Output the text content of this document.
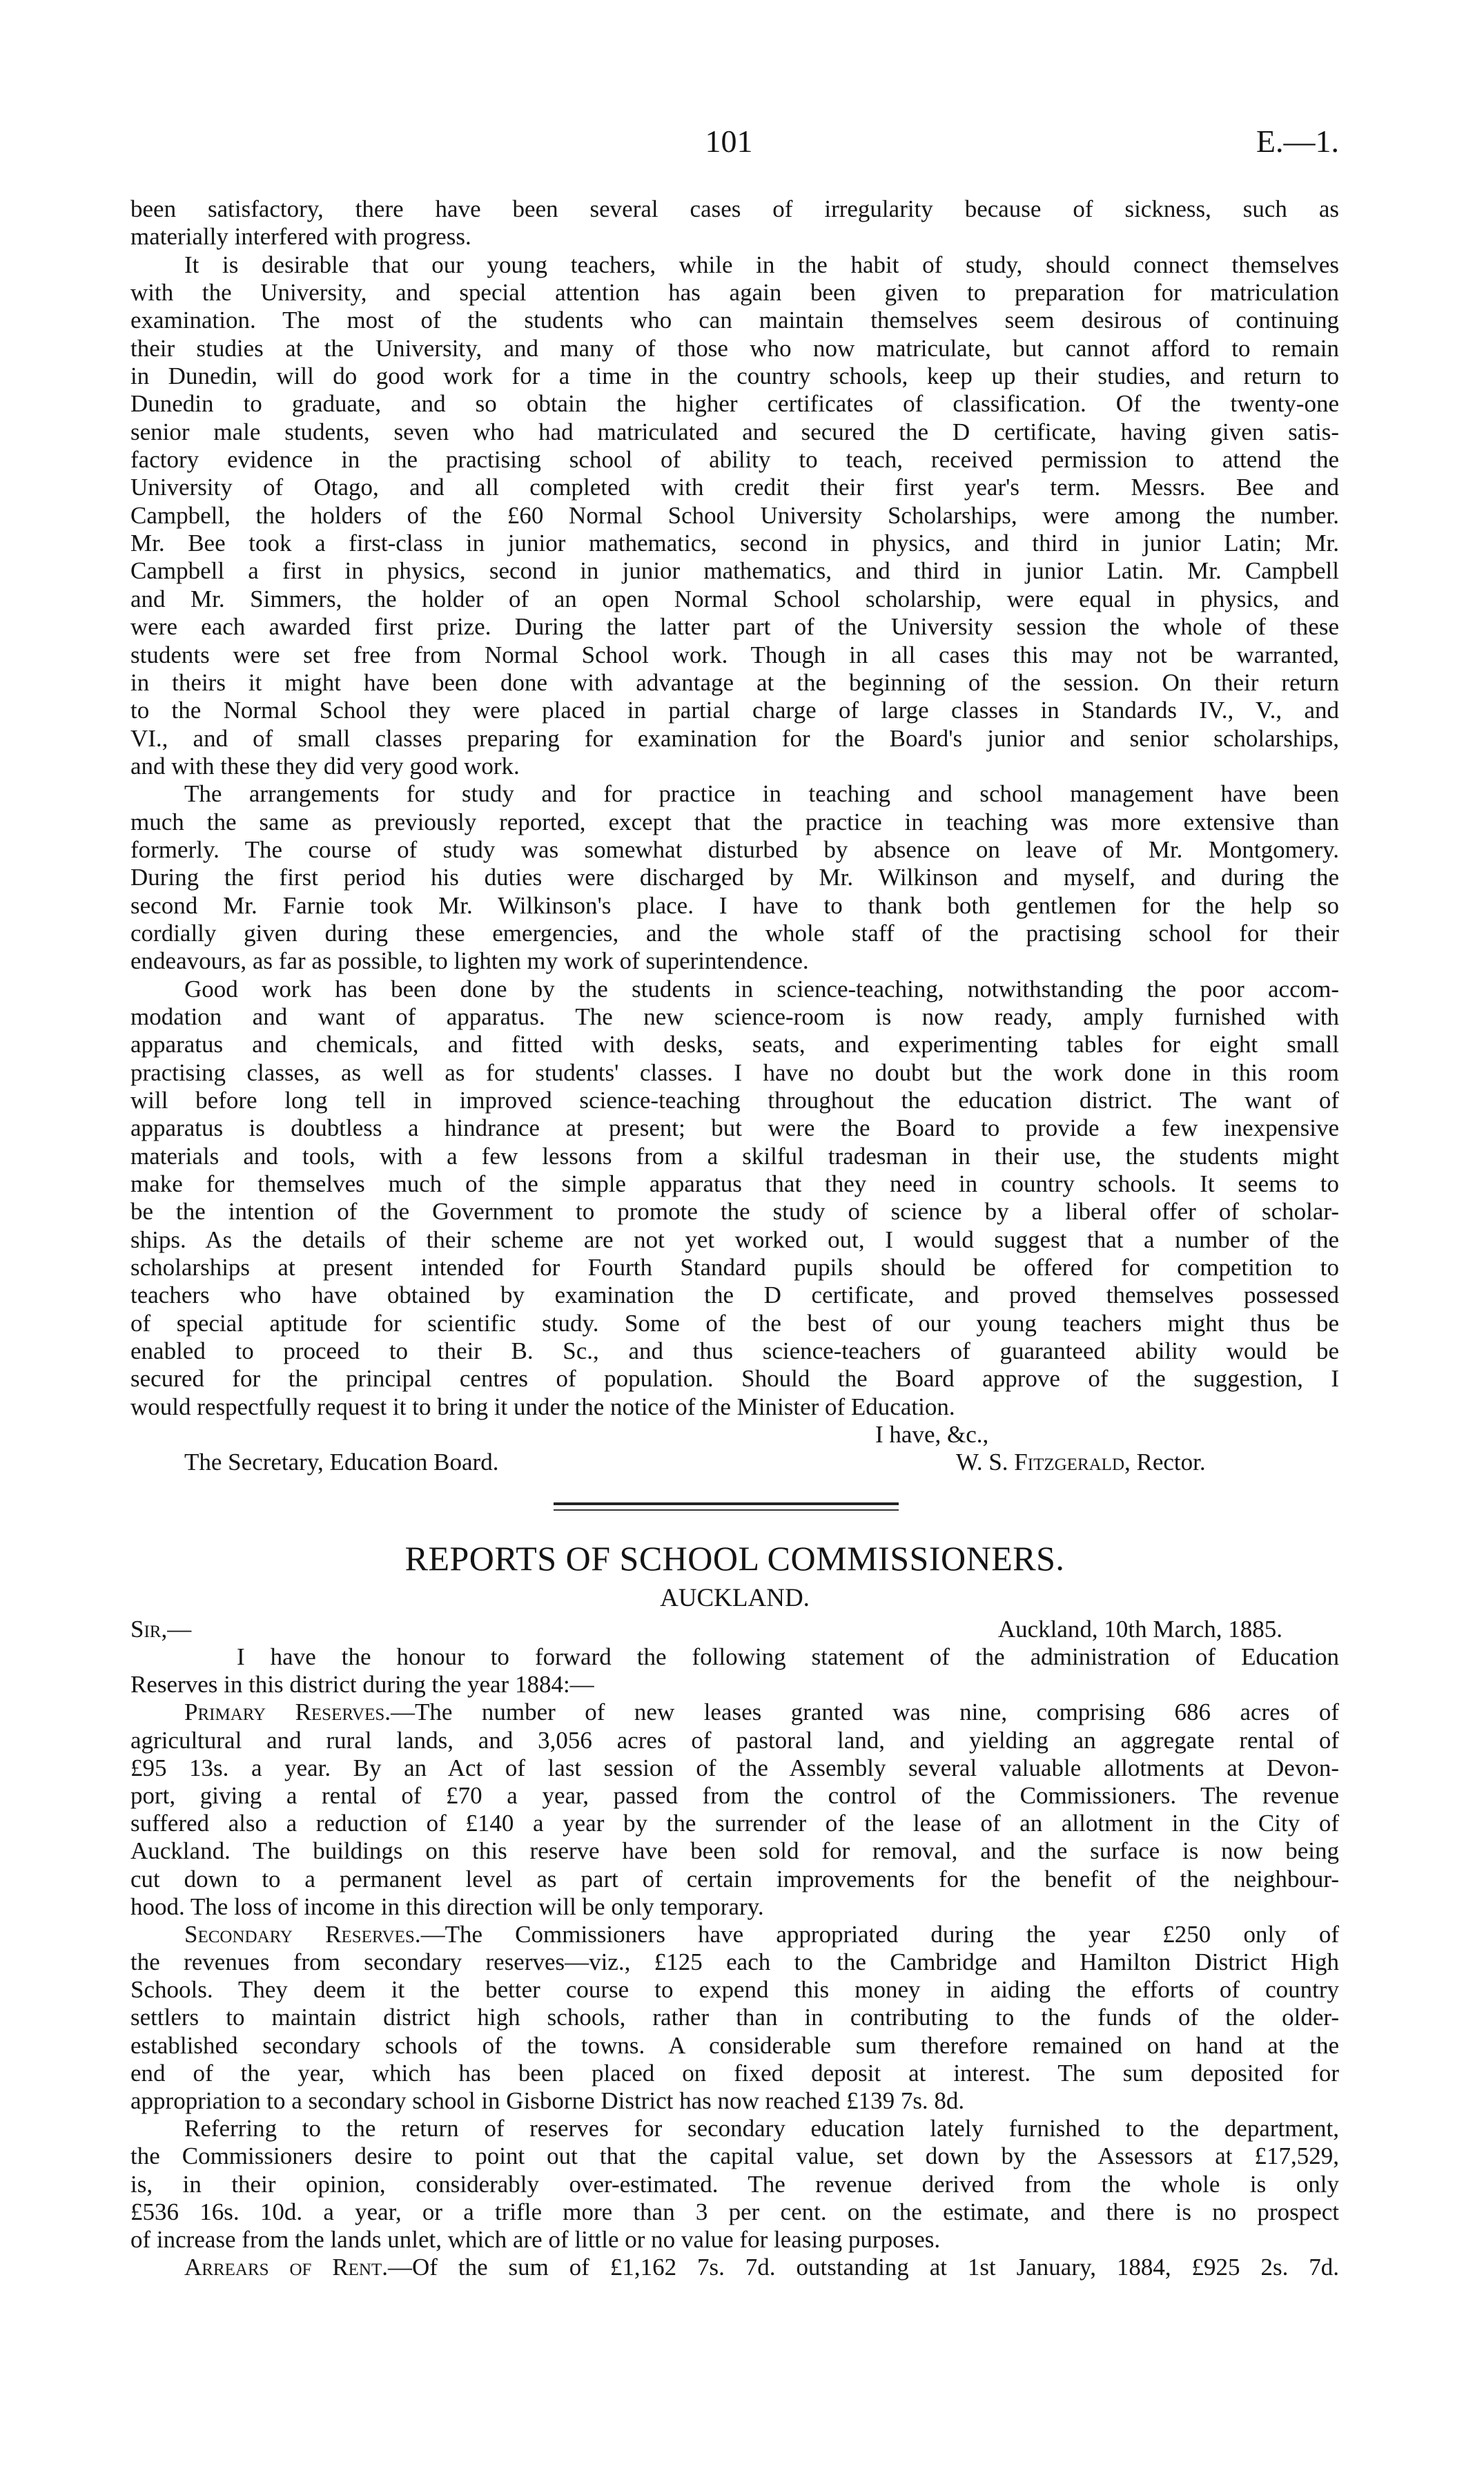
101	E.—1.
been satisfactory, there have been several cases of irregularity because of sickness, such as
materially interfered with progress.
It is desirable that our young teachers, while in the habit of study, should connect themselves
with the University, and special attention has again been given to preparation for matriculation
examination. The most of the students who can maintain themselves seem desirous of continuing
their studies at the University, and many of those who now matriculate, but cannot afford to remain
in Dunedin, will do good work for a time in the country schools, keep up their studies, and return to
Dunedin to graduate, and so obtain the higher certificates of classification. Of the twenty-one
senior male students, seven who had matriculated and secured the D certificate, having given satis-
factory evidence in the practising school of ability to teach, received permission to attend the
University of Otago, and all completed with credit their first year's term. Messrs. Bee and
Campbell, the holders of the £60 Normal School University Scholarships, were among the number.
Mr. Bee took a first-class in junior mathematics, second in physics, and third in junior Latin; Mr.
Campbell a first in physics, second in junior mathematics, and third in junior Latin. Mr. Campbell
and Mr. Simmers, the holder of an open Normal School scholarship, were equal in physics, and
were each awarded first prize. During the latter part of the University session the whole of these
students were set free from Normal School work. Though in all cases this may not be warranted,
in theirs it might have been done with advantage at the beginning of the session. On their return
to the Normal School they were placed in partial charge of large classes in Standards IV., V., and
VI., and of small classes preparing for examination for the Board's junior and senior scholarships,
and with these they did very good work.
The arrangements for study and for practice in teaching and school management have been
much the same as previously reported, except that the practice in teaching was more extensive than
formerly. The course of study was somewhat disturbed by absence on leave of Mr. Montgomery.
During the first period his duties were discharged by Mr. Wilkinson and myself, and during the
second Mr. Farnie took Mr. Wilkinson's place. I have to thank both gentlemen for the help so
cordially given during these emergencies, and the whole staff of the practising school for their
endeavours, as far as possible, to lighten my work of superintendence.
Good work has been done by the students in science-teaching, notwithstanding the poor accom-
modation and want of apparatus. The new science-room is now ready, amply furnished with
apparatus and chemicals, and fitted with desks, seats, and experimenting tables for eight small
practising classes, as well as for students' classes. I have no doubt but the work done in this room
will before long tell in improved science-teaching throughout the education district. The want of
apparatus is doubtless a hindrance at present; but were the Board to provide a few inexpensive
materials and tools, with a few lessons from a skilful tradesman in their use, the students might
make for themselves much of the simple apparatus that they need in country schools. It seems to
be the intention of the Government to promote the study of science by a liberal offer of scholar-
ships. As the details of their scheme are not yet worked out, I would suggest that a number of the
scholarships at present intended for Fourth Standard pupils should be offered for competition to
teachers who have obtained by examination the D certificate, and proved themselves possessed
of special aptitude for scientific study. Some of the best of our young teachers might thus be
enabled to proceed to their B. Sc., and thus science-teachers of guaranteed ability would be
secured for the principal centres of population. Should the Board approve of the suggestion, I
would respectfully request it to bring it under the notice of the Minister of Education.
I have, &c.,
The Secretary, Education Board.	W. S. Fitzgerald, Rector.
REPORTS OF SCHOOL COMMISSIONERS.
AUCKLAND.
Sir,—	Auckland, 10th March, 1885.
I have the honour to forward the following statement of the administration of Education
Reserves in this district during the year 1884:—
Primary Reserves.—The number of new leases granted was nine, comprising 686 acres of
agricultural and rural lands, and 3,056 acres of pastoral land, and yielding an aggregate rental of
£95 13s. a year. By an Act of last session of the Assembly several valuable allotments at Devon-
port, giving a rental of £70 a year, passed from the control of the Commissioners. The revenue
suffered also a reduction of £140 a year by the surrender of the lease of an allotment in the City of
Auckland. The buildings on this reserve have been sold for removal, and the surface is now being
cut down to a permanent level as part of certain improvements for the benefit of the neighbour-
hood. The loss of income in this direction will be only temporary.
Secondary Reserves.—The Commissioners have appropriated during the year £250 only of
the revenues from secondary reserves—viz., £125 each to the Cambridge and Hamilton District High
Schools. They deem it the better course to expend this money in aiding the efforts of country
settlers to maintain district high schools, rather than in contributing to the funds of the older-
established secondary schools of the towns. A considerable sum therefore remained on hand at the
end of the year, which has been placed on fixed deposit at interest. The sum deposited for
appropriation to a secondary school in Gisborne District has now reached £139 7s. 8d.
Referring to the return of reserves for secondary education lately furnished to the department,
the Commissioners desire to point out that the capital value, set down by the Assessors at £17,529,
is, in their opinion, considerably over-estimated. The revenue derived from the whole is only
£536 16s. 10d. a year, or a trifle more than 3 per cent. on the estimate, and there is no prospect
of increase from the lands unlet, which are of little or no value for leasing purposes.
Arrears of Rent.—Of the sum of £1,162 7s. 7d. outstanding at 1st January, 1884, £925 2s. 7d.
